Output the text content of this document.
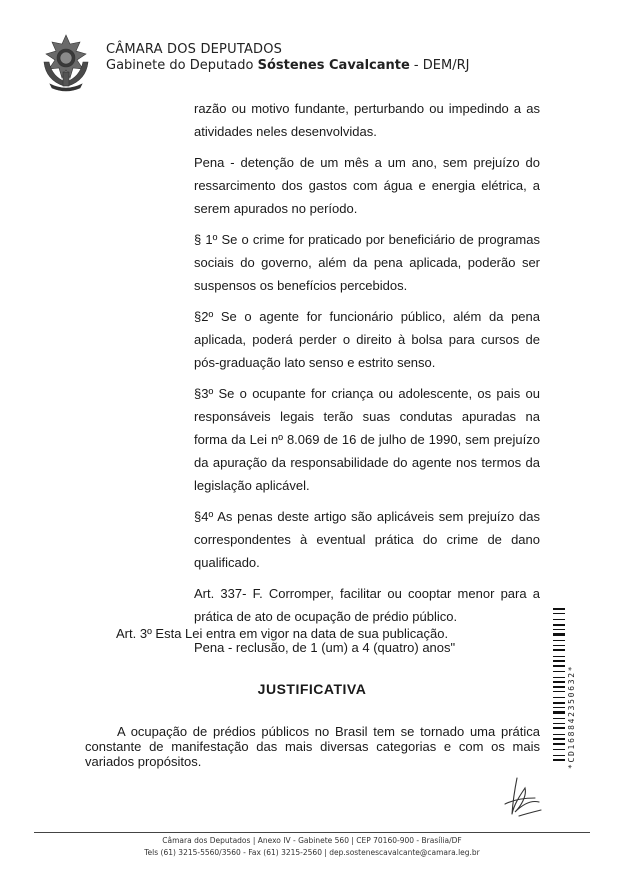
CÂMARA DOS DEPUTADOS
Gabinete do Deputado Sóstenes Cavalcante - DEM/RJ

razão ou motivo fundante, perturbando ou impedindo a as atividades neles desenvolvidas.

Pena - detenção de um mês a um ano, sem prejuízo do ressarcimento dos gastos com água e energia elétrica, a serem apurados no período.

§ 1º Se o crime for praticado por beneficiário de programas sociais do governo, além da pena aplicada, poderão ser suspensos os benefícios percebidos.

§2º Se o agente for funcionário público, além da pena aplicada, poderá perder o direito à bolsa para cursos de pós-graduação lato senso e estrito senso.

§3º Se o ocupante for criança ou adolescente, os pais ou responsáveis legais terão suas condutas apuradas na forma da Lei nº 8.069 de 16 de julho de 1990, sem prejuízo da apuração da responsabilidade do agente nos termos da legislação aplicável.

§4º As penas deste artigo são aplicáveis sem prejuízo das correspondentes à eventual prática do crime de dano qualificado.

Art. 337- F. Corromper, facilitar ou cooptar menor para a prática de ato de ocupação de prédio público.

Pena - reclusão, de 1 (um) a 4 (quatro) anos"

Art. 3º Esta Lei entra em vigor na data de sua publicação.
JUSTIFICATIVA
A ocupação de prédios públicos no Brasil tem se tornado uma prática constante de manifestação das mais diversas categorias e com os mais variados propósitos.	*CD168842350632*
Câmara dos Deputados | Anexo IV - Gabinete 560 | CEP 70160-900 - Brasília/DF
Tels (61) 3215-5560/3560 - Fax (61) 3215-2560 | dep.sostenescavalcante@camara.leg.br
